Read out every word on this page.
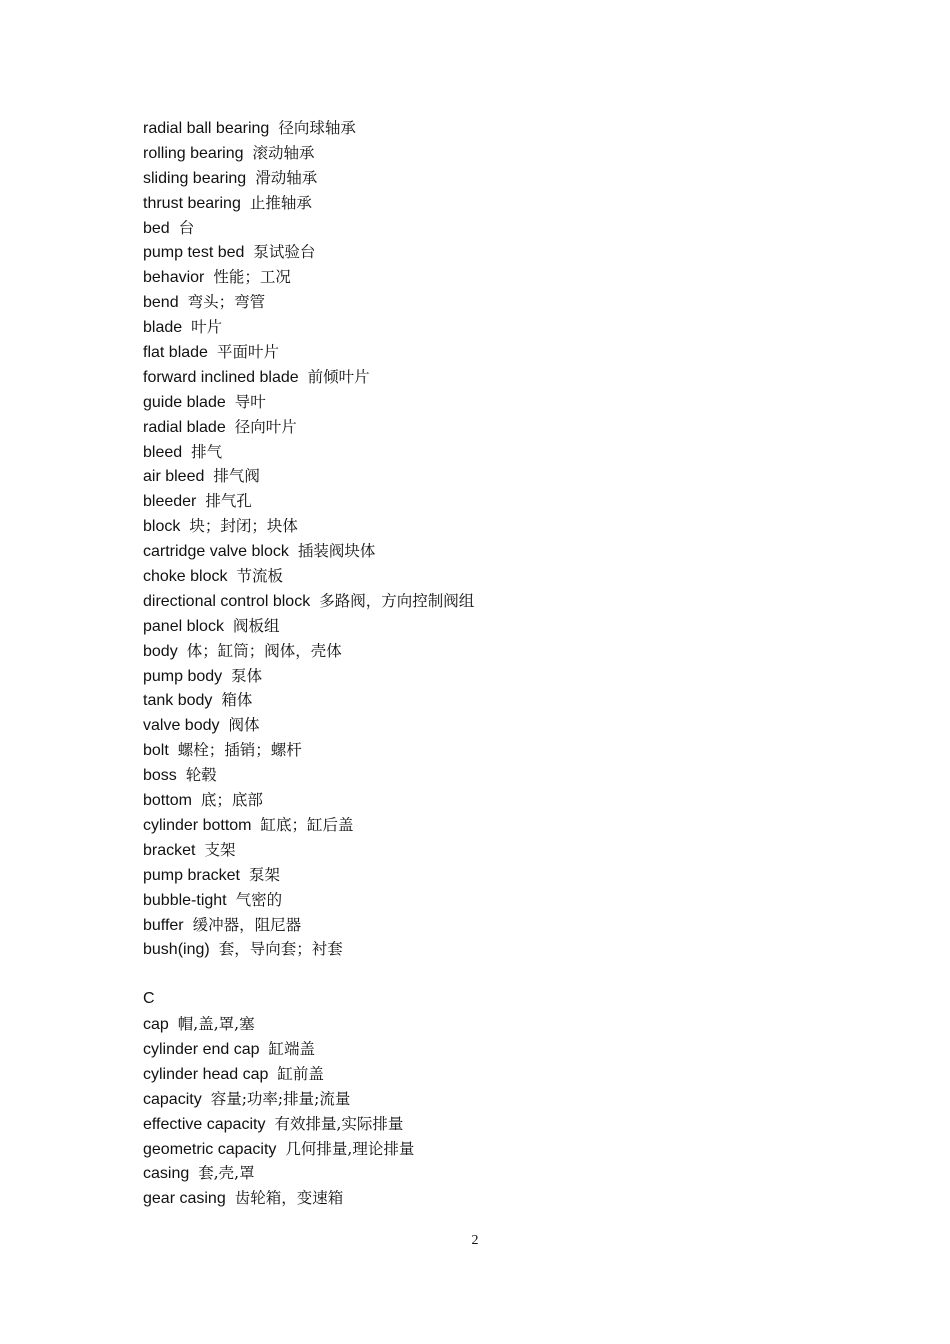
radial ball bearing 径向球轴承
rolling bearing 滚动轴承
sliding bearing 滑动轴承
thrust bearing 止推轴承
bed 台
pump test bed 泵试验台
behavior 性能；工况
bend 弯头；弯管
blade 叶片
flat blade 平面叶片
forward inclined blade 前倾叶片
guide blade 导叶
radial blade 径向叶片
bleed 排气
air bleed 排气阀
bleeder 排气孔
block 块；封闭；块体
cartridge valve block 插装阀块体
choke block 节流板
directional control block 多路阀，方向控制阀组
panel block 阀板组
body 体；缸筒；阀体，壳体
pump body 泵体
tank body 箱体
valve body 阀体
bolt 螺栓；插销；螺杆
boss 轮毂
bottom 底；底部
cylinder bottom 缸底；缸后盖
bracket 支架
pump bracket 泵架
bubble-tight 气密的
buffer 缓冲器，阻尼器
bush(ing) 套，导向套；衬套
C
cap 帽,盖,罩,塞
cylinder end cap 缸端盖
cylinder head cap 缸前盖
capacity 容量;功率;排量;流量
effective capacity 有效排量,实际排量
geometric capacity 几何排量,理论排量
casing 套,壳,罩
gear casing 齿轮箱，变速箱
2
